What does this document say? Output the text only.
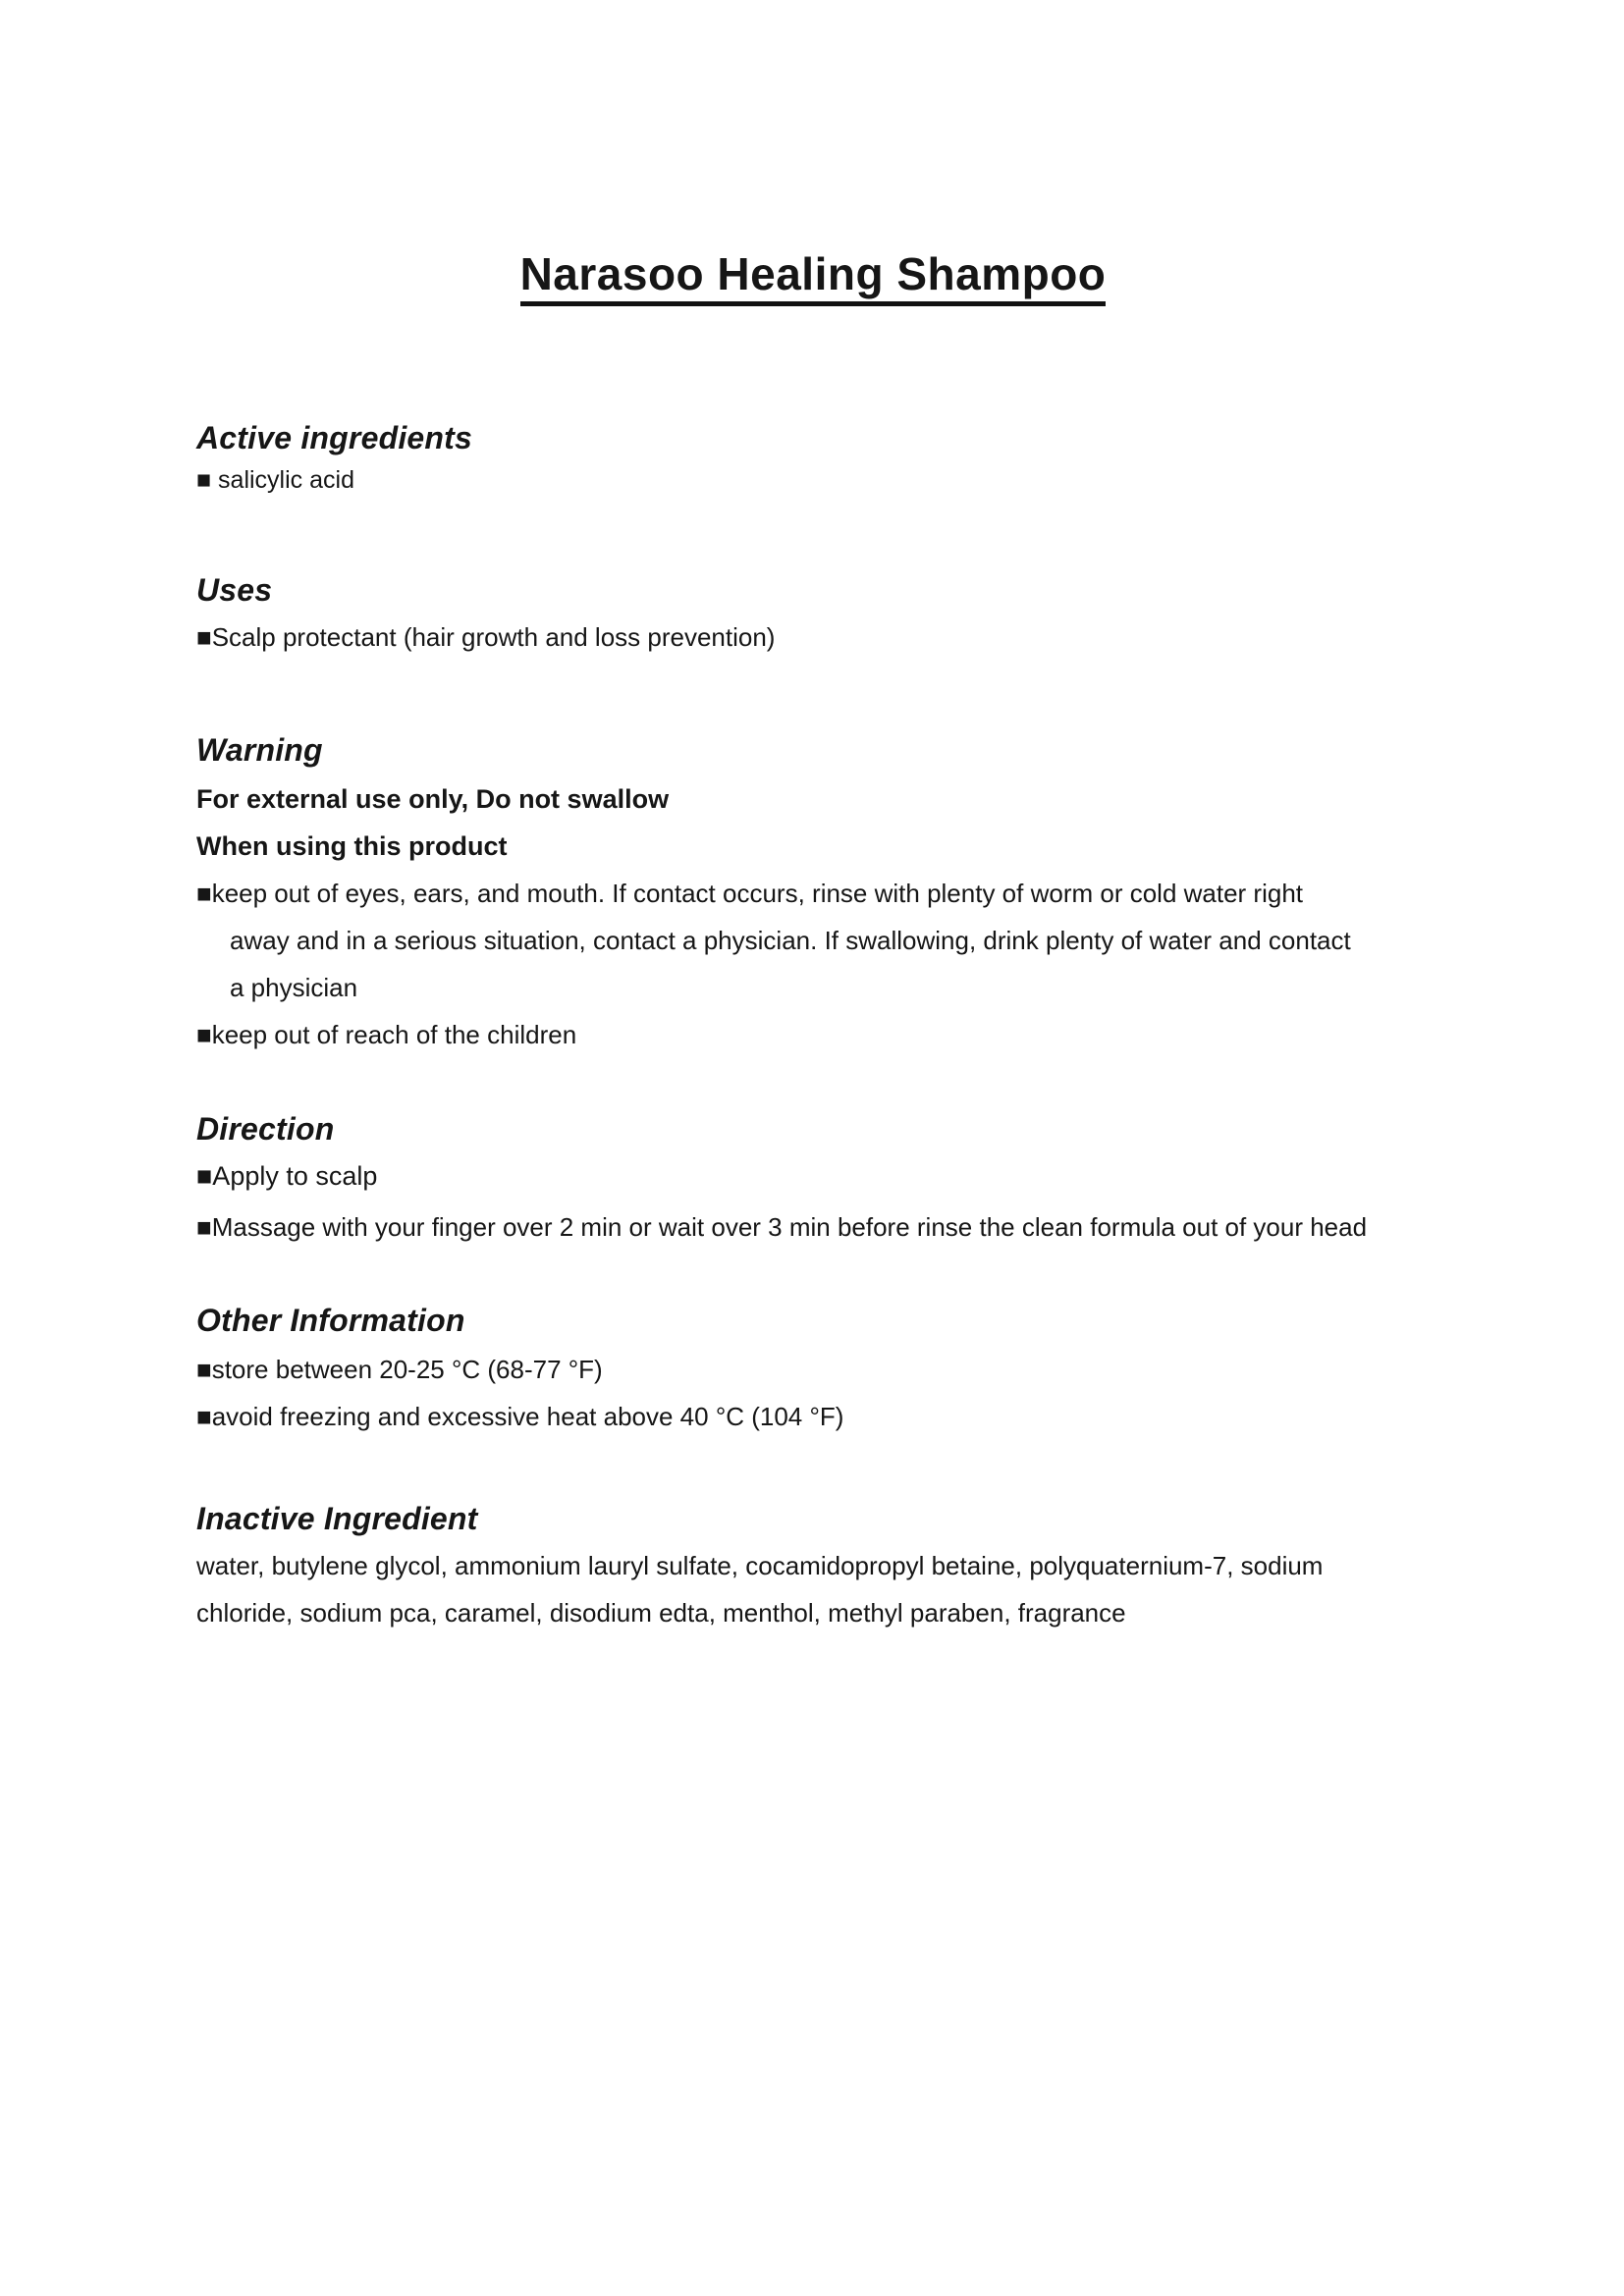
Narasoo Healing Shampoo
Active ingredients

■ salicylic acid

Uses

■Scalp protectant (hair growth and loss prevention)

Warning

For external use only, Do not swallow

When using this product

■keep out of eyes, ears, and mouth. If contact occurs, rinse with plenty of worm or cold water right

away and in a serious situation, contact a physician. If swallowing, drink plenty of water and contact

a physician

■keep out of reach of the children

Direction

■Apply to scalp

■Massage with your finger over 2 min or wait over 3 min before rinse the clean formula out of your head

Other Information

■store between 20-25 °C (68-77 °F)

■avoid freezing and excessive heat above 40 °C (104 °F)

Inactive Ingredient

water, butylene glycol, ammonium lauryl sulfate, cocamidopropyl betaine, polyquaternium-7, sodium

chloride, sodium pca, caramel, disodium edta, menthol, methyl paraben, fragrance
